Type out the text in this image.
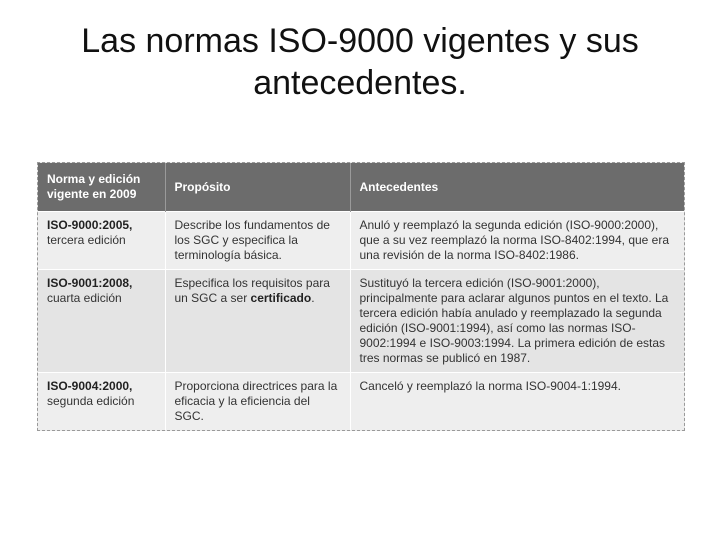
Las normas ISO-9000 vigentes y sus
antecedentes.
Norma y edición vigente en 2009	Propósito	Antecedentes
ISO-9000:2005,
tercera edición	Describe los fundamentos de los SGC y especifica la terminología básica.	Anuló y reemplazó la segunda edición (ISO-9000:2000), que a su vez reemplazó la norma ISO-8402:1994, que era una revisión de la norma ISO-8402:1986.
ISO-9001:2008,
cuarta edición	Especifica los requisitos para un SGC a ser certificado.	Sustituyó la tercera edición (ISO-9001:2000), principalmente para aclarar algunos puntos en el texto. La tercera edición había anulado y reemplazado la segunda edición (ISO-9001:1994), así como las normas ISO-9002:1994 e ISO-9003:1994. La primera edición de estas tres normas se publicó en 1987.
ISO-9004:2000,
segunda edición	Proporciona directrices para la eficacia y la eficiencia del SGC.	Canceló y reemplazó la norma ISO-9004-1:1994.
